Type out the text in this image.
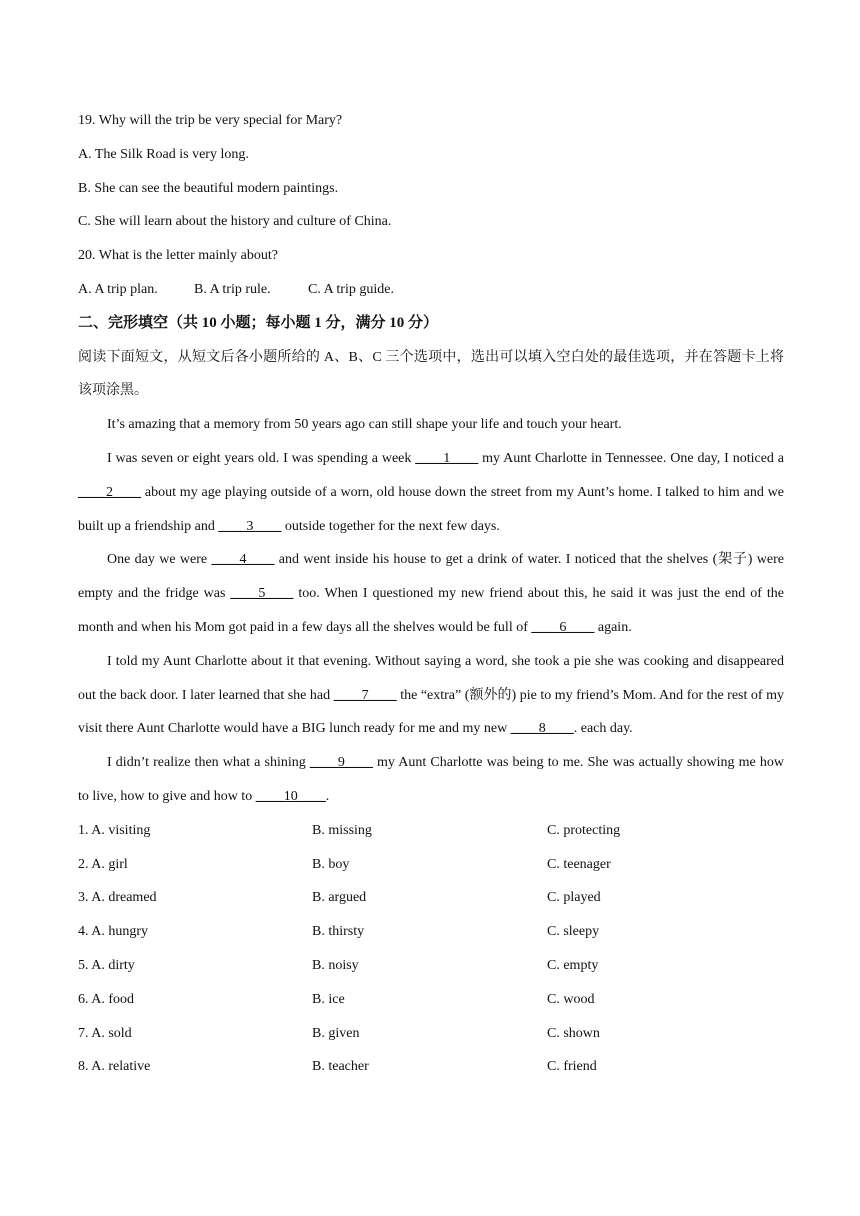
19. Why will the trip be very special for Mary?
A. The Silk Road is very long.
B. She can see the beautiful modern paintings.
C. She will learn about the history and culture of China.
20. What is the letter mainly about?
A. A trip plan.	B. A trip rule.	C. A trip guide.
二、完形填空（共 10 小题；每小题 1 分，满分 10 分）
阅读下面短文，从短文后各小题所给的 A、B、C 三个选项中，选出可以填入空白处的最佳选项，并在答题卡上将该项涂黑。
It’s amazing that a memory from 50 years ago can still shape your life and touch your heart.
I was seven or eight years old. I was spending a week ____1____ my Aunt Charlotte in Tennessee. One day, I noticed a ____2____ about my age playing outside of a worn, old house down the street from my Aunt’s home. I talked to him and we built up a friendship and ____3____ outside together for the next few days.
One day we were ____4____ and went inside his house to get a drink of water. I noticed that the shelves (架子) were empty and the fridge was ____5____ too. When I questioned my new friend about this, he said it was just the end of the month and when his Mom got paid in a few days all the shelves would be full of ____6____ again.
I told my Aunt Charlotte about it that evening. Without saying a word, she took a pie she was cooking and disappeared out the back door. I later learned that she had ____7____ the “extra” (额外的) pie to my friend’s Mom. And for the rest of my visit there Aunt Charlotte would have a BIG lunch ready for me and my new ____8____. each day.
I didn’t realize then what a shining ____9____ my Aunt Charlotte was being to me. She was actually showing me how to live, how to give and how to ____10____.
1. A. visiting	B. missing	C. protecting
2. A. girl	B. boy	C. teenager
3. A. dreamed	B. argued	C. played
4. A. hungry	B. thirsty	C. sleepy
5. A. dirty	B. noisy	C. empty
6. A. food	B. ice	C. wood
7. A. sold	B. given	C. shown
8. A. relative	B. teacher	C. friend
